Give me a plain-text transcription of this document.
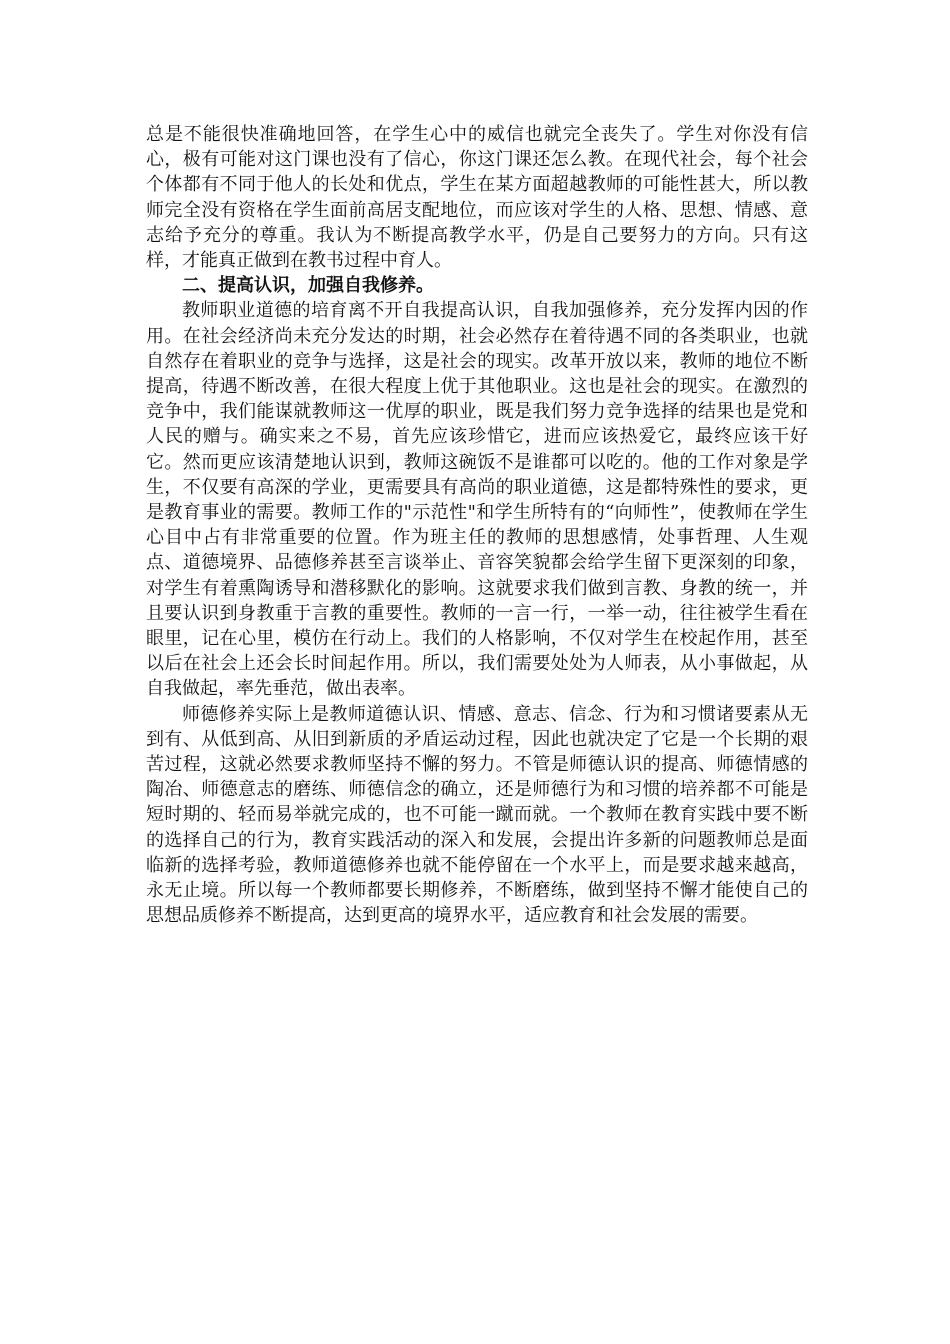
总是不能很快准确地回答，在学生心中的威信也就完全丧失了。学生对你没有信心，极有可能对这门课也没有了信心，你这门课还怎么教。在现代社会，每个社会个体都有不同于他人的长处和优点，学生在某方面超越教师的可能性甚大，所以教师完全没有资格在学生面前高居支配地位，而应该对学生的人格、思想、情感、意志给予充分的尊重。我认为不断提高教学水平，仍是自己要努力的方向。只有这样，才能真正做到在教书过程中育人。

二、提高认识，加强自我修养。

教师职业道德的培育离不开自我提高认识，自我加强修养，充分发挥内因的作用。在社会经济尚未充分发达的时期，社会必然存在着待遇不同的各类职业，也就自然存在着职业的竞争与选择，这是社会的现实。改革开放以来，教师的地位不断提高，待遇不断改善，在很大程度上优于其他职业。这也是社会的现实。在激烈的竞争中，我们能谋就教师这一优厚的职业，既是我们努力竞争选择的结果也是党和人民的赠与。确实来之不易，首先应该珍惜它，进而应该热爱它，最终应该干好它。然而更应该清楚地认识到，教师这碗饭不是谁都可以吃的。他的工作对象是学生，不仅要有高深的学业，更需要具有高尚的职业道德，这是都特殊性的要求，更是教育事业的需要。教师工作的"示范性"和学生所特有的“向师性”，使教师在学生心目中占有非常重要的位置。作为班主任的教师的思想感情，处事哲理、人生观点、道德境界、品德修养甚至言谈举止、音容笑貌都会给学生留下更深刻的印象，对学生有着熏陶诱导和潜移默化的影响。这就要求我们做到言教、身教的统一，并且要认识到身教重于言教的重要性。教师的一言一行，一举一动，往往被学生看在眼里，记在心里，模仿在行动上。我们的人格影响，不仅对学生在校起作用，甚至以后在社会上还会长时间起作用。所以，我们需要处处为人师表，从小事做起，从自我做起，率先垂范，做出表率。

师德修养实际上是教师道德认识、情感、意志、信念、行为和习惯诸要素从无到有、从低到高、从旧到新质的矛盾运动过程，因此也就决定了它是一个长期的艰苦过程，这就必然要求教师坚持不懈的努力。不管是师德认识的提高、师德情感的陶冶、师德意志的磨练、师德信念的确立，还是师德行为和习惯的培养都不可能是短时期的、轻而易举就完成的，也不可能一蹴而就。一个教师在教育实践中要不断的选择自己的行为，教育实践活动的深入和发展，会提出许多新的问题教师总是面临新的选择考验，教师道德修养也就不能停留在一个水平上，而是要求越来越高，永无止境。所以每一个教师都要长期修养，不断磨练，做到坚持不懈才能使自己的思想品质修养不断提高，达到更高的境界水平，适应教育和社会发展的需要。
